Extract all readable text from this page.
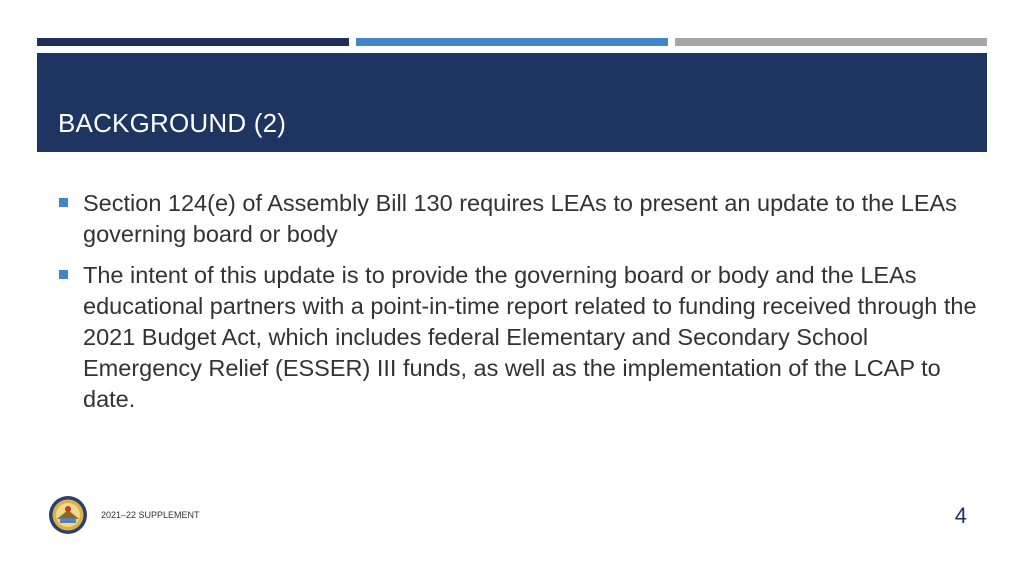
BACKGROUND (2)
Section 124(e) of Assembly Bill 130 requires LEAs to present an update to the LEAs governing board or body
The intent of this update is to provide the governing board or body and the LEAs educational partners with a point-in-time report related to funding received through the 2021 Budget Act, which includes federal Elementary and Secondary School Emergency Relief (ESSER) III funds, as well as the implementation of the LCAP to date.
2021–22 SUPPLEMENT	4
